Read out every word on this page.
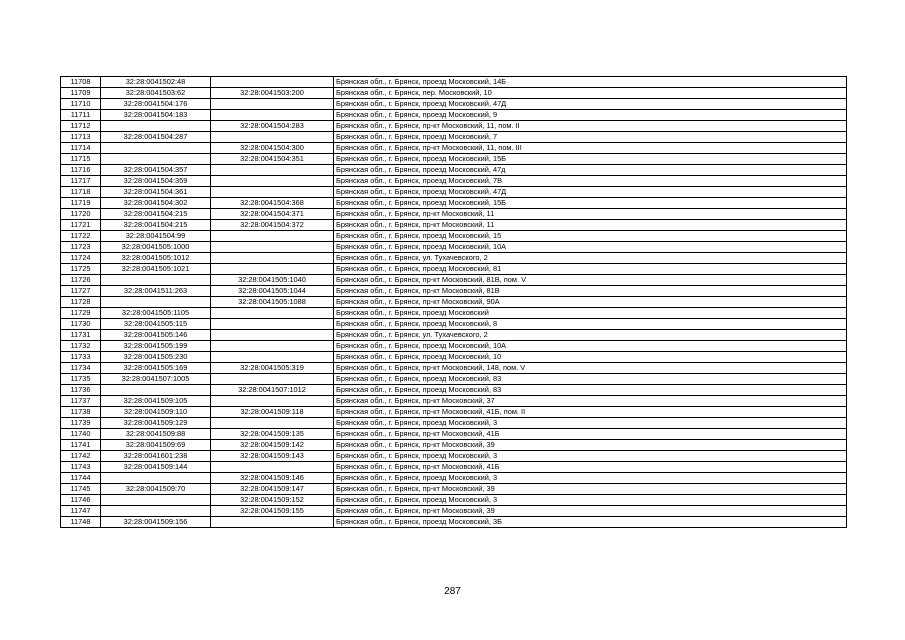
11708	32:28:0041502:48		Брянская обл., г. Брянск, проезд Московский, 14Б
11709	32:28:0041503:62	32:28:0041503:200	Брянская обл., г. Брянск, пер. Московский, 10
11710	32:28:0041504:176		Брянская обл., г. Брянск, проезд Московский, 47Д
11711	32:28:0041504:183		Брянская обл., г. Брянск, проезд Московский, 9
11712		32:28:0041504:283	Брянская обл., г. Брянск, пр-кт Московский, 11, пом. II
11713	32:28:0041504:287		Брянская обл., г. Брянск, проезд Московский, 7
11714		32:28:0041504:300	Брянская обл., г. Брянск, пр-кт Московский, 11, пом. III
11715		32:28:0041504:351	Брянская обл., г. Брянск, проезд Московский, 15Б
11716	32:28:0041504:357		Брянская обл., г. Брянск, проезд Московский, 47д
11717	32:28:0041504:359		Брянская обл., г. Брянск, проезд Московский, 7В
11718	32:28:0041504:361		Брянская обл., г. Брянск, проезд Московский, 47Д
11719	32:28:0041504:302	32:28:0041504:368	Брянская обл., г. Брянск, проезд Московский, 15Б
11720	32:28:0041504:215	32:28:0041504:371	Брянская обл., г. Брянск, пр-кт Московский, 11
11721	32:28:0041504:215	32:28:0041504:372	Брянская обл., г. Брянск, пр-кт Московский, 11
11722	32:28:0041504:99		Брянская обл., г. Брянск, проезд Московский, 15
11723	32:28:0041505:1000		Брянская обл., г. Брянск, проезд Московский, 10А
11724	32:28:0041505:1012		Брянская обл., г. Брянск, ул. Тухачевского, 2
11725	32:28:0041505:1021		Брянская обл., г. Брянск, проезд Московский, 81
11726		32:28:0041505:1040	Брянская обл., г. Брянск, пр-кт Московский, 81В, пом. V
11727	32:28:0041511:263	32:28:0041505:1044	Брянская обл., г. Брянск, пр-кт Московский, 81В
11728		32:28:0041505:1088	Брянская обл., г. Брянск, пр-кт Московский, 90А
11729	32:28:0041505:1105		Брянская обл., г. Брянск, проезд Московский
11730	32:28:0041505:115		Брянская обл., г. Брянск, проезд Московский, 8
11731	32:28:0041505:146		Брянская обл., г. Брянск, ул. Тухачевского, 2
11732	32:28:0041505:199		Брянская обл., г. Брянск, проезд Московский, 10А
11733	32:28:0041505:230		Брянская обл., г. Брянск, проезд Московский, 10
11734	32:28:0041505:169	32:28:0041505:319	Брянская обл., г. Брянск, пр-кт Московский, 148, пом. V
11735	32:28:0041507:1005		Брянская обл., г. Брянск, проезд Московский, 83
11736		32:28:0041507:1012	Брянская обл., г. Брянск, проезд Московский, 83
11737	32:28:0041509:105		Брянская обл., г. Брянск, пр-кт Московский, 37
11738	32:28:0041509:110	32:28:0041509:118	Брянская обл., г. Брянск, пр-кт Московский, 41Б, пом. II
11739	32:28:0041509:129		Брянская обл., г. Брянск, проезд Московский, 3
11740	32:28:0041509:88	32:28:0041509:135	Брянская обл., г. Брянск, пр-кт Московский, 41Б
11741	32:28:0041509:69	32:28:0041509:142	Брянская обл., г. Брянск, пр-кт Московский, 39
11742	32:28:0041601:238	32:28:0041509:143	Брянская обл., г. Брянск, проезд Московский, 3
11743	32:28:0041509:144		Брянская обл., г. Брянск, пр-кт Московский, 41Б
11744		32:28:0041509:146	Брянская обл., г. Брянск, проезд Московский, 3
11745	32:28:0041509:70	32:28:0041509:147	Брянская обл., г. Брянск, пр-кт Московский, 39
11746		32:28:0041509:152	Брянская обл., г. Брянск, проезд Московский, 3
11747		32:28:0041509:155	Брянская обл., г. Брянск, пр-кт Московский, 39
11748	32:28:0041509:156		Брянская обл., г. Брянск, проезд Московский, 3Б
287
